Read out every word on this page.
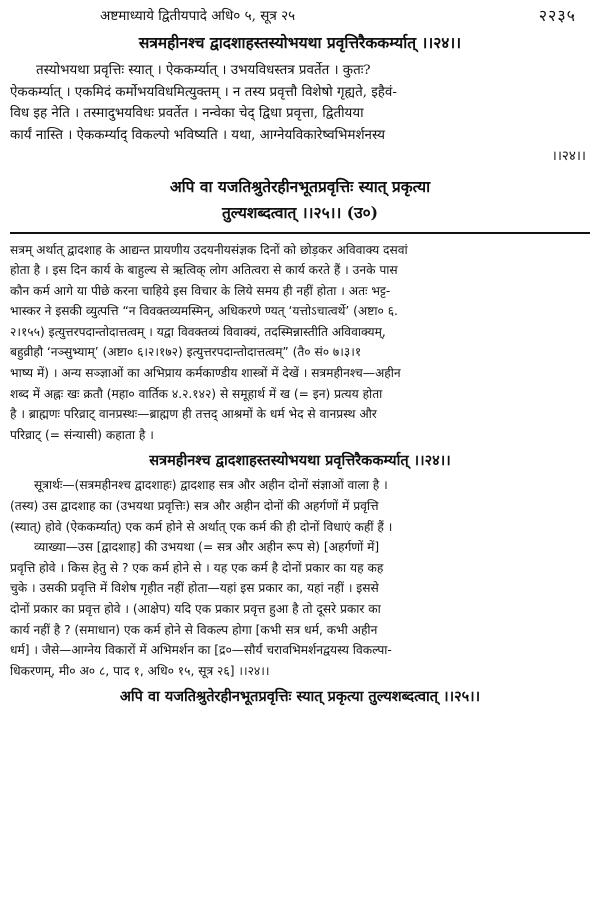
अष्टमाध्याये द्वितीयपादे अधि० ५, सूत्र २५	२२३५
सत्रमहीनश्च द्वादशाहस्तस्योभयथा प्रवृत्तिरैककर्म्यात् ।।२४।।
तस्योभयथा प्रवृत्तिः स्यात् । ऐककर्म्यात् । उभयविधस्तत्र प्रवर्तेत । कुतः?
ऐककर्म्यात् । एकमिदं कर्मोभयविधमित्युक्तम् । न तस्य प्रवृत्तौ विशेषो गृह्यते, इहैवं-
विध इह नेति । तस्मादुभयविधः प्रवर्तेत । नन्वेका चेद् द्विधा प्रवृत्ता, द्वितीयया
कार्यं नास्ति । ऐककर्म्याद् विकल्पो भविष्यति । यथा, आग्नेयविकारेष्वभिमर्शनस्य
।।२४।।
अपि वा यजतिश्रुतेरहीनभूतप्रवृत्तिः स्यात् प्रकृत्या
तुल्यशब्दत्वात् ।।२५।। (उ०)
सत्रम् अर्थात् द्वादशाह के आद्यन्त प्रायणीय उदयनीयसंज्ञक दिनों को छोड़कर अविवाक्य दसवां
होता है । इस दिन कार्य के बाहुल्य से ऋत्विक् लोग अतित्वरा से कार्य करते हैं । उनके पास
कौन कर्म आगे या पीछे करना चाहिये इस विचार के लिये समय ही नहीं होता । अतः भट्ट-
भास्कर ने इसकी व्युत्पत्ति “न विवक्तव्यमस्मिन्, अधिकरणे ण्यत् ‘यत्तोऽचात्वर्थे’ (अष्टा० ६.
२।१५५) इत्युत्तरपदान्तोदात्तत्वम् । यद्वा विवक्तव्यं विवाक्यं, तदस्मिन्नास्तीति अविवाक्यम्,
बहुव्रीहौ ‘नञ्सुभ्याम्’ (अष्टा० ६।२।१७२) इत्युत्तरपदान्तोदात्तत्वम्” (तै० सं० ७।३।१
भाष्य में) । अन्य सञ्ज्ञाओं का अभिप्राय कर्मकाण्डीय शास्त्रों में देखें । सत्रमहीनश्च—अहीन
शब्द में अह्नः खः क्रतौ (महा० वार्तिक ४.२.१४२) से समूहार्थ में ख (= इन) प्रत्यय होता
है । ब्राह्मणः परिव्राट् वानप्रस्थः—ब्राह्मण ही तत्तद् आश्रमों के धर्म भेद से वानप्रस्थ और
परिव्राट् (= संन्यासी) कहाता है ।
सत्रमहीनश्च द्वादशाहस्तस्योभयथा प्रवृत्तिरैककर्म्यात् ।।२४।।
सूत्रार्थः—(सत्रमहीनश्च द्वादशाहः) द्वादशाह सत्र और अहीन दोनों संज्ञाओं वाला है ।
(तस्य) उस द्वादशाह का (उभयथा प्रवृत्तिः) सत्र और अहीन दोनों की अहर्गणों में प्रवृत्ति
(स्यात्) होवे (ऐककर्म्यात्) एक कर्म होने से अर्थात् एक कर्म की ही दोनों विधाएं कहीं हैं ।
व्याख्या—उस [द्वादशाह] की उभयथा (= सत्र और अहीन रूप से) [अहर्गणों में]
प्रवृत्ति होवे । किस हेतु से ? एक कर्म होने से । यह एक कर्म है दोनों प्रकार का यह कह
चुके । उसकी प्रवृत्ति में विशेष गृहीत नहीं होता—यहां इस प्रकार का, यहां नहीं । इससे
दोनों प्रकार का प्रवृत्त होवे । (आक्षेप) यदि एक प्रकार प्रवृत्त हुआ है तो दूसरे प्रकार का
कार्य नहीं है ? (समाधान) एक कर्म होने से विकल्प होगा [कभी सत्र धर्म, कभी अहीन
धर्म] । जैसे—आग्नेय विकारों में अभिमर्शन का [द्र०—सौर्यं चरावभिमर्शनद्वयस्य विकल्पा-
धिकरणम्, मी० अ० ८, पाद १, अधि० १५, सूत्र २६] ।।२४।।
अपि वा यजतिश्रुतेरहीनभूतप्रवृत्तिः स्यात् प्रकृत्या तुल्यशब्दत्वात् ।।२५।।
